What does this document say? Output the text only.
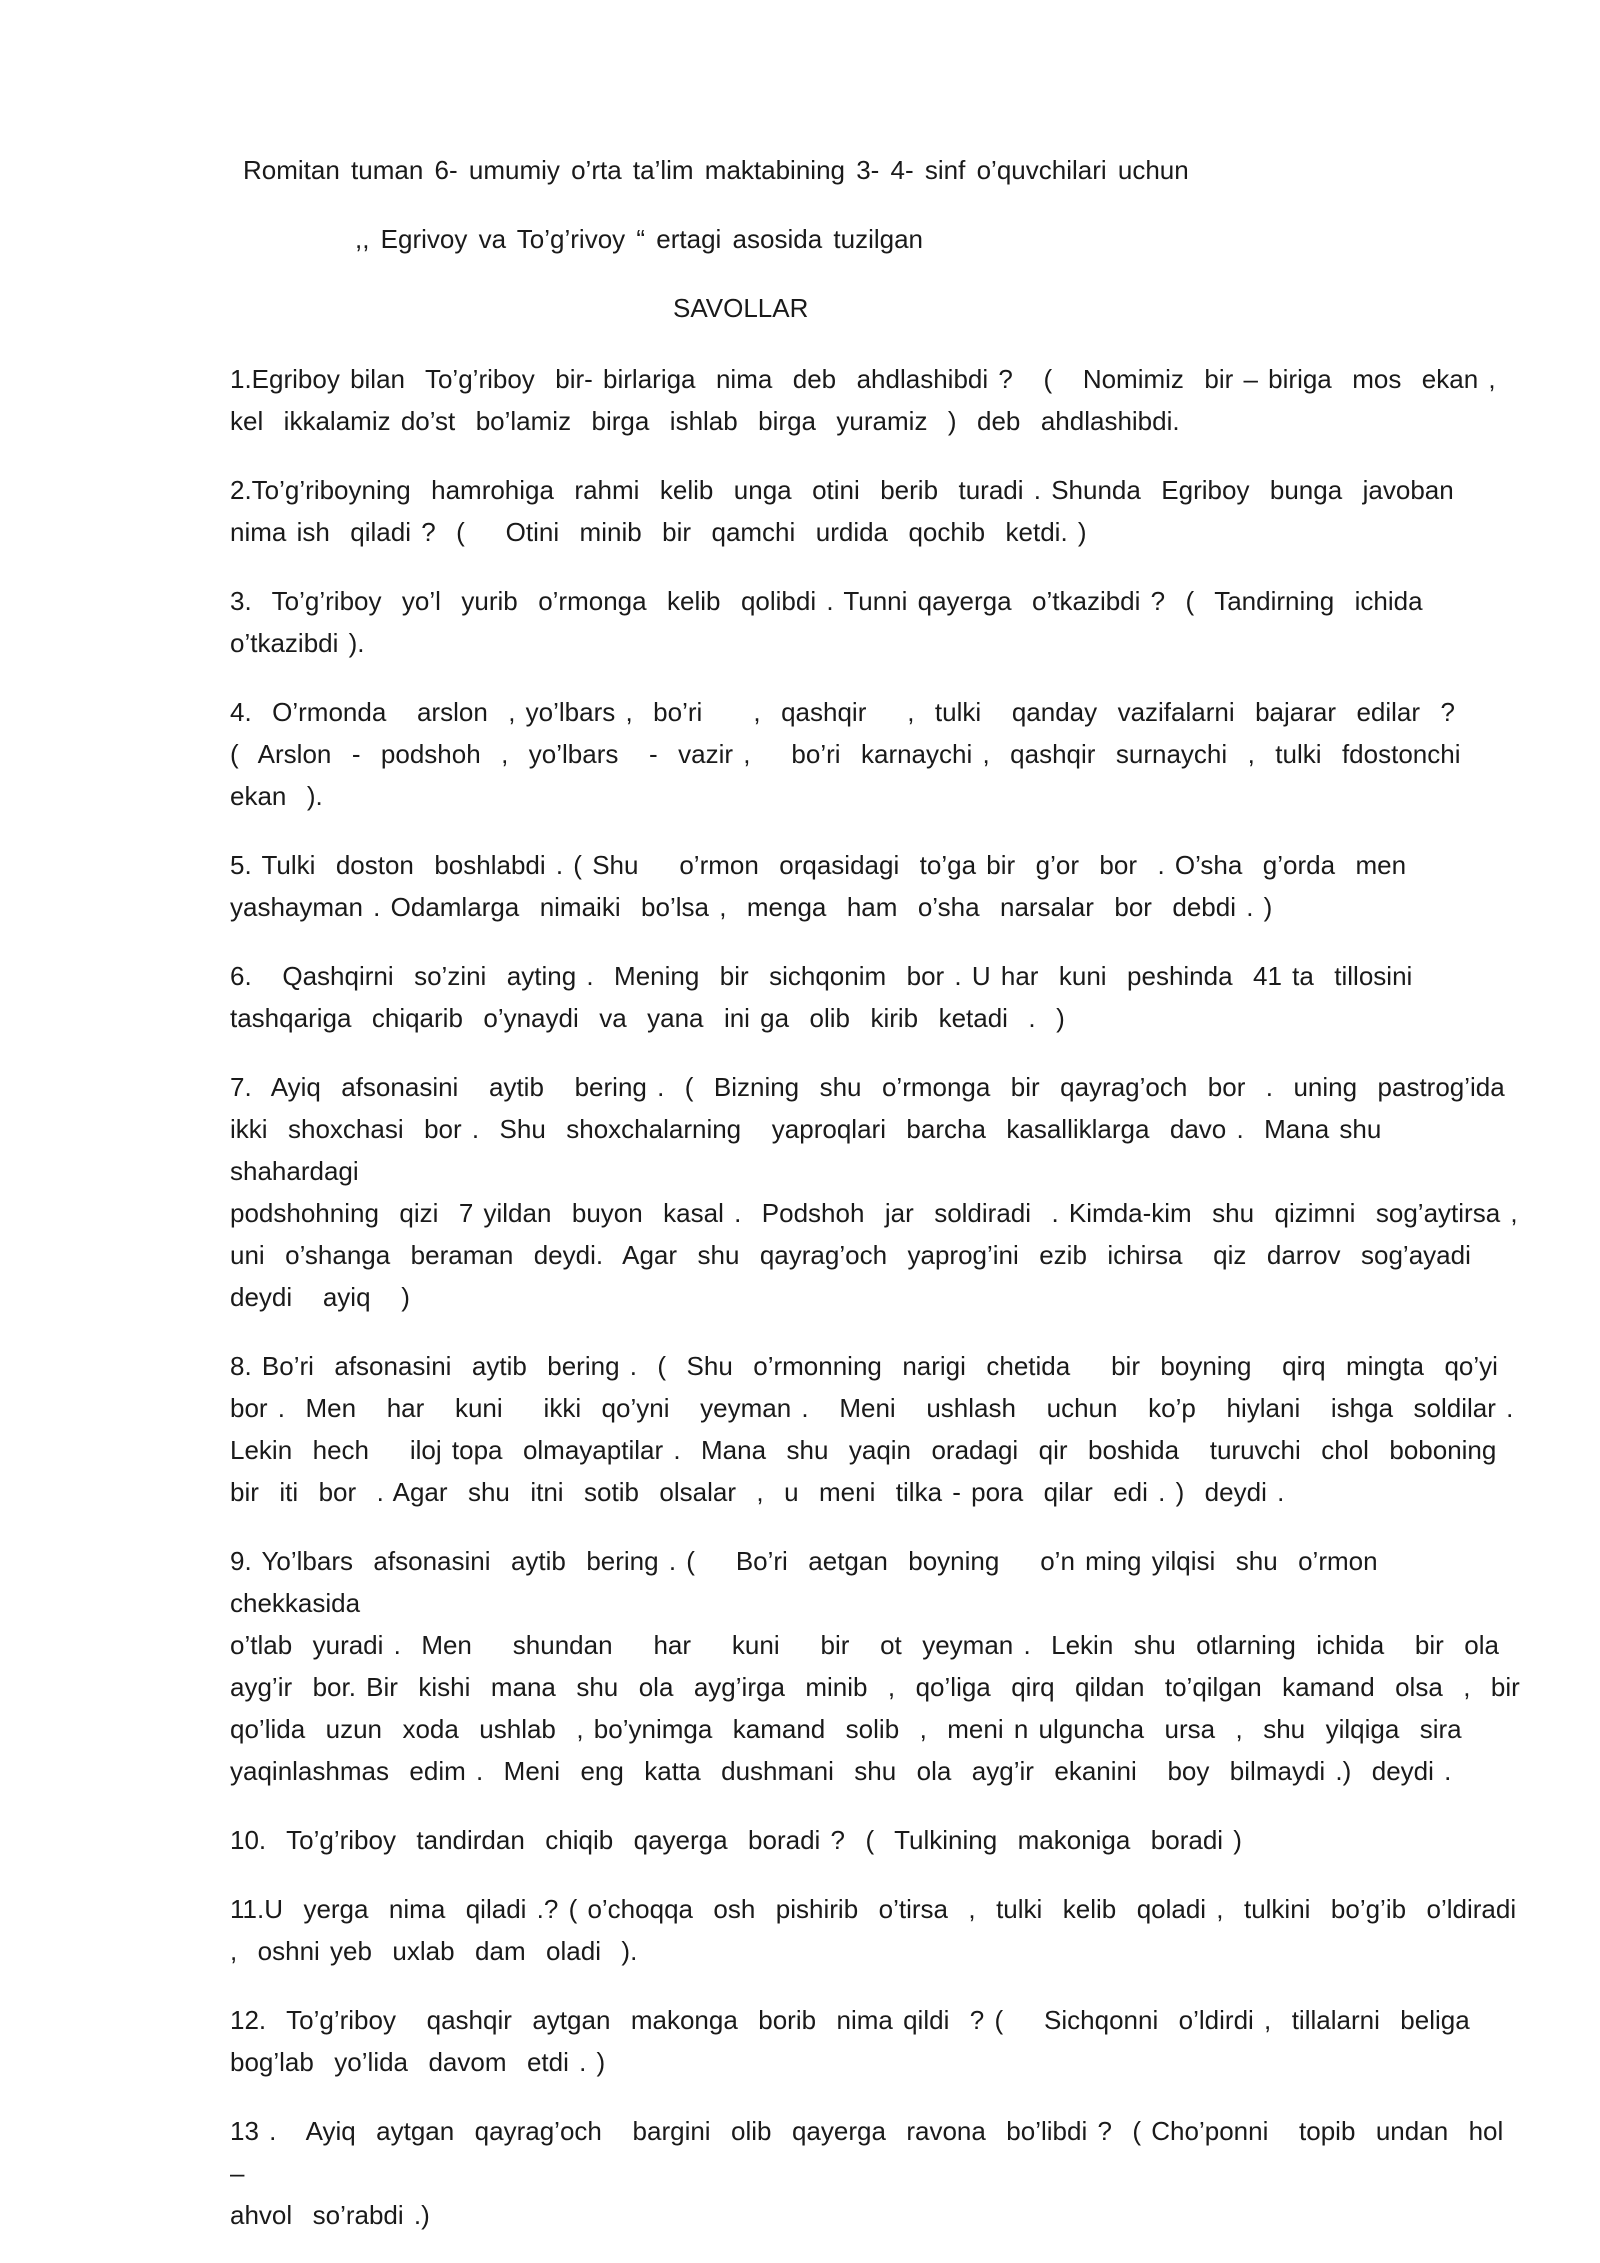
Romitan tuman 6- umumiy o’rta ta’lim maktabining 3- 4- sinf o’quvchilari uchun
,, Egrivoy va To’g’rivoy “ ertagi asosida tuzilgan
SAVOLLAR

1.Egriboy bilan  To’g’riboy  bir- birlariga  nima  deb  ahdlashibdi ?   (   Nomimiz  bir – biriga  mos  ekan ,
kel  ikkalamiz do’st  bo’lamiz  birga  ishlab  birga  yuramiz  )  deb  ahdlashibdi.

2.To’g’riboyning  hamrohiga  rahmi  kelib  unga  otini  berib  turadi . Shunda  Egriboy  bunga  javoban
nima ish  qiladi ?  (    Otini  minib  bir  qamchi  urdida  qochib  ketdi. )

3.  To’g’riboy  yo’l  yurib  o’rmonga  kelib  qolibdi . Tunni qayerga  o’tkazibdi ?  (  Tandirning  ichida
o’tkazibdi ).

4.  O’rmonda   arslon  , yo’lbars ,  bo’ri     ,  qashqir    ,  tulki   qanday  vazifalarni  bajarar  edilar  ?
(  Arslon  -  podshoh  ,  yo’lbars   -  vazir ,    bo’ri  karnaychi ,  qashqir  surnaychi  ,  tulki  fdostonchi
ekan  ).

5. Tulki  doston  boshlabdi . ( Shu    o’rmon  orqasidagi  to’ga bir  g’or  bor  . O’sha  g’orda  men
yashayman . Odamlarga  nimaiki  bo’lsa ,  menga  ham  o’sha  narsalar  bor  debdi . )

6.   Qashqirni  so’zini  ayting .  Mening  bir  sichqonim  bor . U har  kuni  peshinda  41 ta  tillosini
tashqariga  chiqarib  o’ynaydi  va  yana  ini ga  olib  kirib  ketadi  .  )

7.  Ayiq  afsonasini   aytib   bering .  (  Bizning  shu  o’rmonga  bir  qayrag’och  bor  .  uning  pastrog’ida
ikki  shoxchasi  bor .  Shu  shoxchalarning   yaproqlari  barcha  kasalliklarga  davo .  Mana shu  shahardagi
podshohning  qizi  7 yildan  buyon  kasal .  Podshoh  jar  soldiradi  . Kimda-kim  shu  qizimni  sog’aytirsa ,
uni  o’shanga  beraman  deydi.  Agar  shu  qayrag’och  yaprog’ini  ezib  ichirsa   qiz  darrov  sog’ayadi
deydi   ayiq   )

8. Bo’ri  afsonasini  aytib  bering .  (  Shu  o’rmonning  narigi  chetida    bir  boyning   qirq  mingta  qo’yi
bor .  Men   har   kuni    ikki  qo’yni   yeyman .   Meni   ushlash   uchun   ko’p   hiylani   ishga  soldilar .
Lekin  hech    iloj topa  olmayaptilar .  Mana  shu  yaqin  oradagi  qir  boshida   turuvchi  chol  boboning
bir  iti  bor  . Agar  shu  itni  sotib  olsalar  ,  u  meni  tilka - pora  qilar  edi . )  deydi .

9. Yo’lbars  afsonasini  aytib  bering . (    Bo’ri  aetgan  boyning    o’n ming yilqisi  shu  o’rmon  chekkasida
o’tlab  yuradi .  Men    shundan    har    kuni    bir   ot  yeyman .  Lekin  shu  otlarning  ichida   bir  ola
ayg’ir  bor. Bir  kishi  mana  shu  ola  ayg’irga  minib  ,  qo’liga  qirq  qildan  to’qilgan  kamand  olsa  ,  bir
qo’lida  uzun  xoda  ushlab  , bo’ynimga  kamand  solib  ,  meni n ulguncha  ursa  ,  shu  yilqiga  sira
yaqinlashmas  edim .  Meni  eng  katta  dushmani  shu  ola  ayg’ir  ekanini   boy  bilmaydi .)  deydi .

10.  To’g’riboy  tandirdan  chiqib  qayerga  boradi ?  (  Tulkining  makoniga  boradi )

11.U  yerga  nima  qiladi .? ( o’choqqa  osh  pishirib  o’tirsa  ,  tulki  kelib  qoladi ,  tulkini  bo’g’ib  o’ldiradi
,  oshni yeb  uxlab  dam  oladi  ).

12.  To’g’riboy   qashqir  aytgan  makonga  borib  nima qildi  ? (    Sichqonni  o’ldirdi ,  tillalarni  beliga
bog’lab  yo’lida  davom  etdi . )

13 .   Ayiq  aytgan  qayrag’och   bargini  olib  qayerga  ravona  bo’libdi ?  ( Cho’ponni   topib  undan  hol –
ahvol  so’rabdi .)
